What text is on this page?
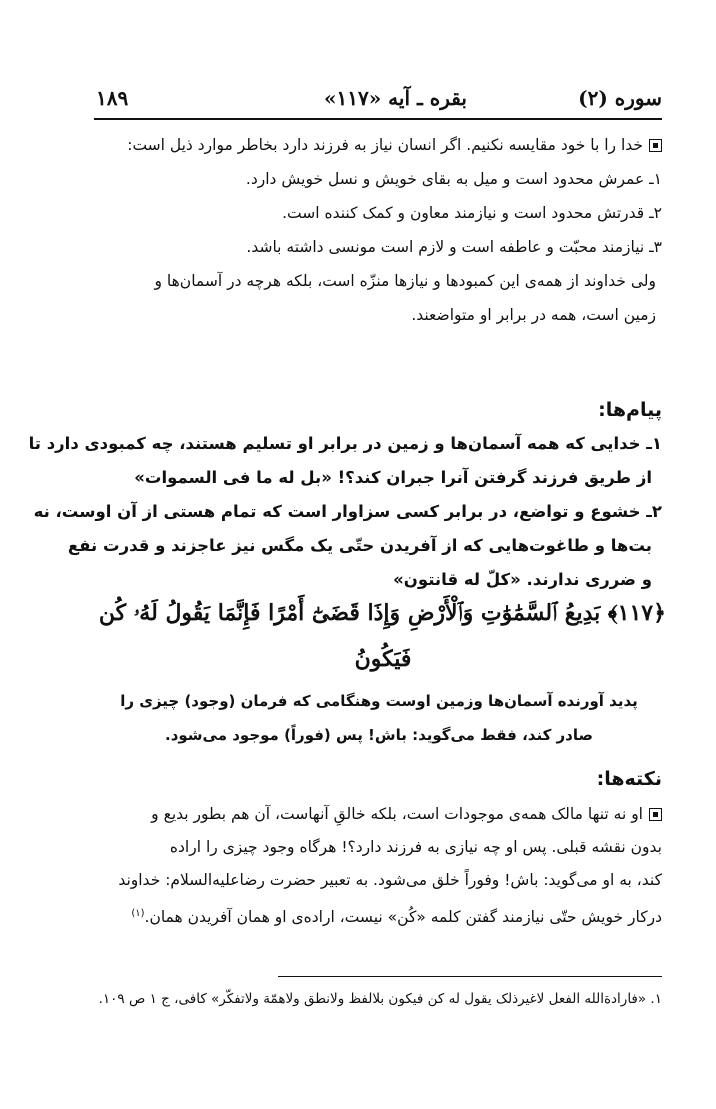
سوره (۲)
بقره ـ آيه «۱۱۷»
۱۸۹
خدا را با خود مقايسه نكنيم. اگر انسان نياز به فرزند دارد بخاطر موارد ذيل است:
۱ـ عمرش محدود است و ميل به بقاى خويش و نسل خويش دارد.
۲ـ قدرتش محدود است و نيازمند معاون و كمک كننده است.
۳ـ نيازمند محبّت و عاطفه است و لازم است مونسى داشته باشد.
ولى خداوند از همه‌ى اين كمبودها و نيازها منزّه است، بلكه هرچه در آسمان‌ها و
زمين است، همه در برابر او متواضعند.
پيام‌ها:
۱ـ خدايى كه همه آسمان‌ها و زمين در برابر او تسليم هستند، چه كمبودى دارد تا
از طريق فرزند گرفتن آنرا جبران كند؟! «بل له ما فى السموات»
۲ـ خشوع و تواضع، در برابر كسى سزاوار است كه تمام هستى از آن اوست، نه
بت‌ها و طاغوت‌هايى كه از آفريدن حتّى يک مگس نيز عاجزند و قدرت نفع
و ضررى ندارند. «كلّ له قانتون»
﴿۱۱۷﴾ بَدِيعُ ٱلسَّمَٰوَٰتِ وَٱلْأَرْضِ وَإِذَا قَضَىٰٓ أَمْرًا فَإِنَّمَا يَقُولُ لَهُۥ كُن
فَيَكُونُ
پديد آورنده آسمان‌ها وزمين اوست وهنگامى كه فرمان (وجود) چيزى را
صادر كند، فقط مى‌گويد: باش! پس (فوراً) موجود مى‌شود.
نكته‌ها:
او نه تنها مالک همه‌ى موجودات است، بلكه خالقِ آنهاست، آن هم بطور بديع و
بدون نقشه قبلى. پس او چه نيازى به فرزند دارد؟! هرگاه وجود چيزى را اراده
كند، به او مى‌گويد: باش! وفوراً خلق مى‌شود. به تعبير حضرت رضاعليه‌السلام: خداوند
دركار خويش حتّى نيازمند گفتن كلمه «كُن» نيست، اراده‌ى او همان آفريدن همان.$^{(۱)}$
۱. «فارادةالله الفعل لاغيرذلک يقول له كن فيكون بلالفظ ولانطق ولاهمّة ولاتفكّر» كافى، ج ۱ ص ۱۰۹.
